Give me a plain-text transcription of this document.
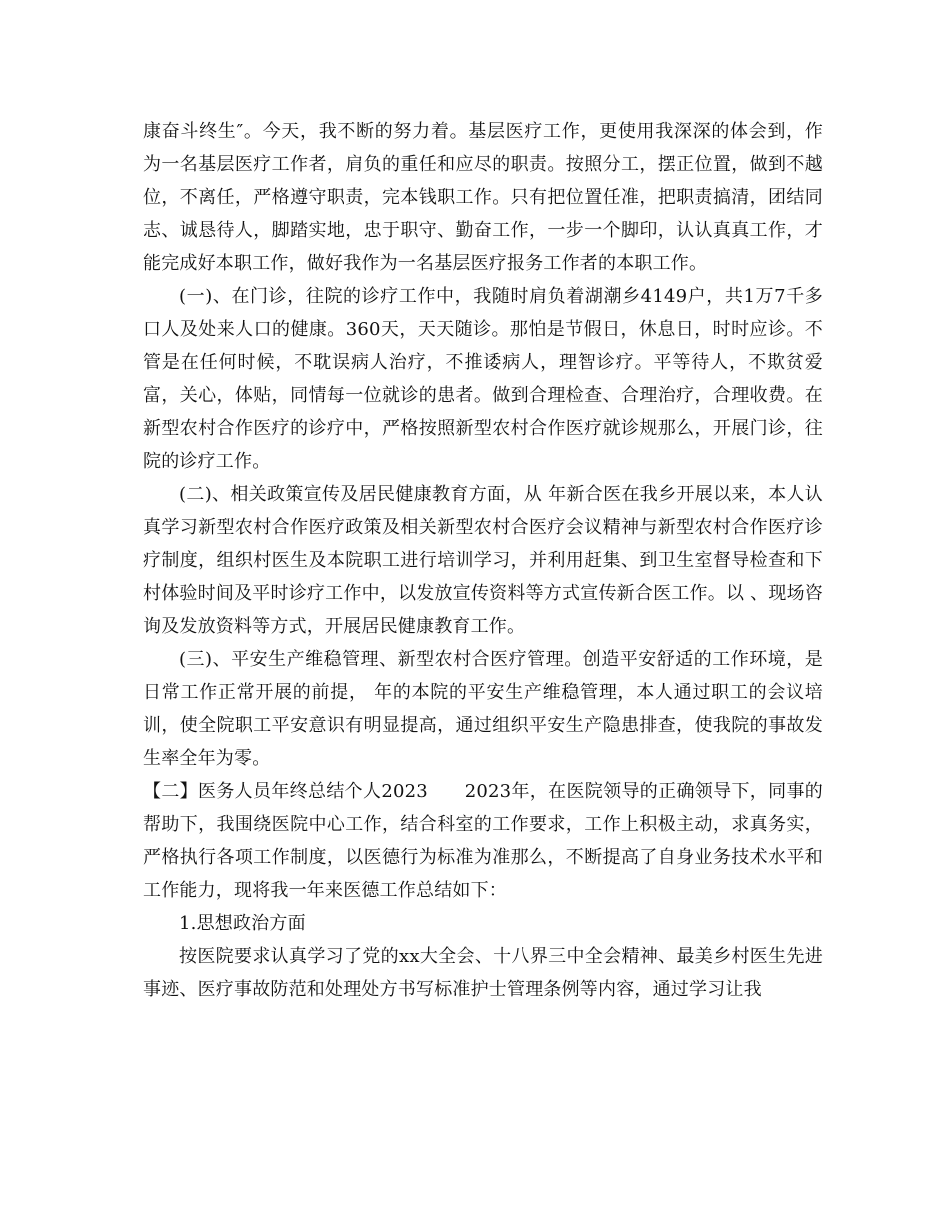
康奋斗终生″。今天，我不断的努力着。基层医疗工作，更使用我深深的体会到，作为一名基层医疗工作者，肩负的重任和应尽的职责。按照分工，摆正位置，做到不越位，不离任，严格遵守职责，完本钱职工作。只有把位置任准，把职责搞清，团结同志、诚恳待人，脚踏实地，忠于职守、勤奋工作，一步一个脚印，认认真真工作，才能完成好本职工作，做好我作为一名基层医疗报务工作者的本职工作。

(一)、在门诊，往院的诊疗工作中，我随时肩负着湖潮乡4149户，共1万7千多口人及处来人口的健康。360天，天天随诊。那怕是节假日，休息日，时时应诊。不管是在任何时候，不耽误病人治疗，不推诿病人，理智诊疗。平等待人，不欺贫爱富，关心，体贴，同情每一位就诊的患者。做到合理检查、合理治疗，合理收费。在新型农村合作医疗的诊疗中，严格按照新型农村合作医疗就诊规那么，开展门诊，往院的诊疗工作。

(二)、相关政策宣传及居民健康教育方面，从 年新合医在我乡开展以来，本人认真学习新型农村合作医疗政策及相关新型农村合医疗会议精神与新型农村合作医疗诊疗制度，组织村医生及本院职工进行培训学习，并利用赶集、到卫生室督导检查和下村体验时间及平时诊疗工作中，以发放宣传资料等方式宣传新合医工作。以 、现场咨询及发放资料等方式，开展居民健康教育工作。

(三)、平安生产维稳管理、新型农村合医疗管理。创造平安舒适的工作环境，是日常工作正常开展的前提， 年的本院的平安生产维稳管理，本人通过职工的会议培训，使全院职工平安意识有明显提高，通过组织平安生产隐患排查，使我院的事故发生率全年为零。

【二】医务人员年终总结个人2023　　2023年，在医院领导的正确领导下，同事的帮助下，我围绕医院中心工作，结合科室的工作要求，工作上积极主动，求真务实，严格执行各项工作制度，以医德行为标准为准那么，不断提高了自身业务技术水平和工作能力，现将我一年来医德工作总结如下：

1.思想政治方面

按医院要求认真学习了党的xx大全会、十八界三中全会精神、最美乡村医生先进事迹、医疗事故防范和处理处方书写标准护士管理条例等内容，通过学习让我
